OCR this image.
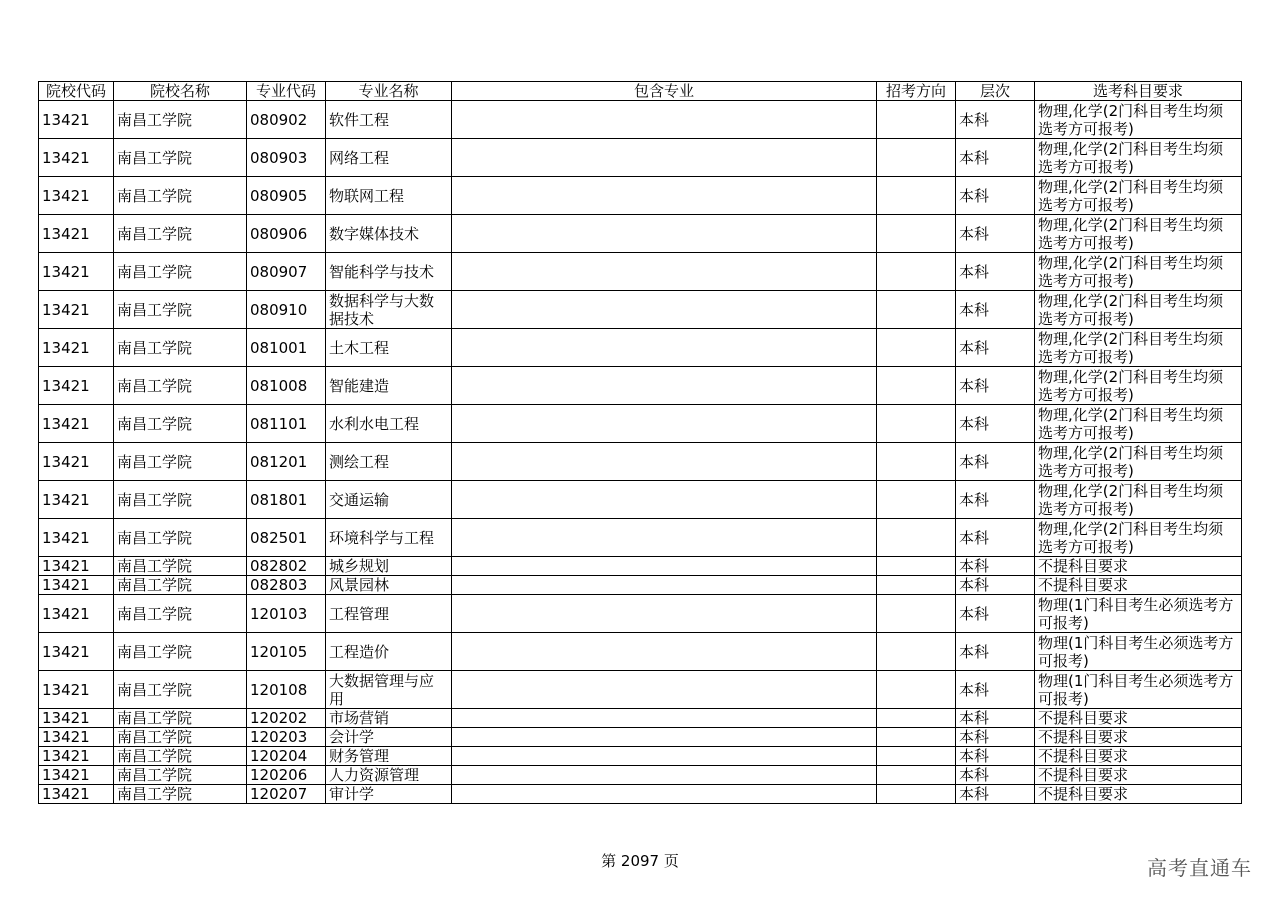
院校代码	院校名称	专业代码	专业名称	包含专业	招考方向	层次	选考科目要求
13421	南昌工学院	080902	软件工程			本科	物理,化学(2门科目考生均须选考方可报考)
13421	南昌工学院	080903	网络工程			本科	物理,化学(2门科目考生均须选考方可报考)
13421	南昌工学院	080905	物联网工程			本科	物理,化学(2门科目考生均须选考方可报考)
13421	南昌工学院	080906	数字媒体技术			本科	物理,化学(2门科目考生均须选考方可报考)
13421	南昌工学院	080907	智能科学与技术			本科	物理,化学(2门科目考生均须选考方可报考)
13421	南昌工学院	080910	数据科学与大数据技术			本科	物理,化学(2门科目考生均须选考方可报考)
13421	南昌工学院	081001	土木工程			本科	物理,化学(2门科目考生均须选考方可报考)
13421	南昌工学院	081008	智能建造			本科	物理,化学(2门科目考生均须选考方可报考)
13421	南昌工学院	081101	水利水电工程			本科	物理,化学(2门科目考生均须选考方可报考)
13421	南昌工学院	081201	测绘工程			本科	物理,化学(2门科目考生均须选考方可报考)
13421	南昌工学院	081801	交通运输			本科	物理,化学(2门科目考生均须选考方可报考)
13421	南昌工学院	082501	环境科学与工程			本科	物理,化学(2门科目考生均须选考方可报考)
13421	南昌工学院	082802	城乡规划			本科	不提科目要求
13421	南昌工学院	082803	风景园林			本科	不提科目要求
13421	南昌工学院	120103	工程管理			本科	物理(1门科目考生必须选考方可报考)
13421	南昌工学院	120105	工程造价			本科	物理(1门科目考生必须选考方可报考)
13421	南昌工学院	120108	大数据管理与应用			本科	物理(1门科目考生必须选考方可报考)
13421	南昌工学院	120202	市场营销			本科	不提科目要求
13421	南昌工学院	120203	会计学			本科	不提科目要求
13421	南昌工学院	120204	财务管理			本科	不提科目要求
13421	南昌工学院	120206	人力资源管理			本科	不提科目要求
13421	南昌工学院	120207	审计学			本科	不提科目要求
第 2097 页	高考直通车
